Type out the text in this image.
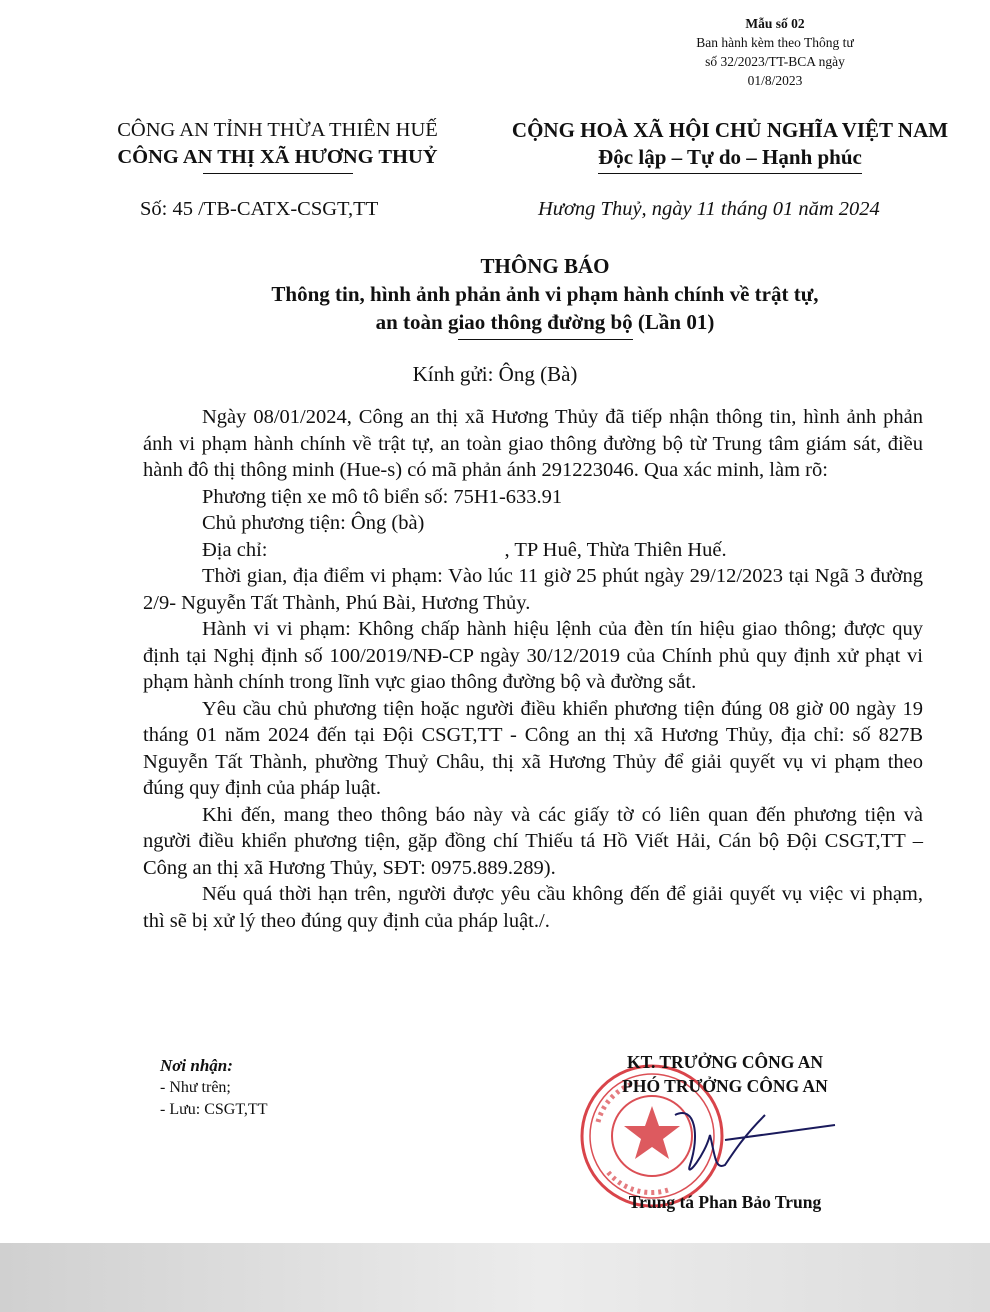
Mẫu số 02
Ban hành kèm theo Thông tư
số 32/2023/TT-BCA ngày
01/8/2023
CÔNG AN TỈNH THỪA THIÊN HUẾ
CÔNG AN THỊ XÃ HƯƠNG THUỶ
CỘNG HOÀ XÃ HỘI CHỦ NGHĨA VIỆT NAM
Độc lập – Tự do – Hạnh phúc
Số: 45 /TB-CATX-CSGT,TT	Hương Thuỷ, ngày 11 tháng 01 năm 2024
THÔNG BÁO
Thông tin, hình ảnh phản ảnh vi phạm hành chính về trật tự,
an toàn giao thông đường bộ (Lần 01)
Kính gửi: Ông (Bà)

Ngày 08/01/2024, Công an thị xã Hương Thủy đã tiếp nhận thông tin, hình ảnh phản ánh vi phạm hành chính về trật tự, an toàn giao thông đường bộ từ Trung tâm giám sát, điều hành đô thị thông minh (Hue-s) có mã phản ánh 291223046. Qua xác minh, làm rõ:

Phương tiện xe mô tô biển số: 75H1-633.91

Chủ phương tiện: Ông (bà)

Địa chỉ:	, TP Huê, Thừa Thiên Huế.

Thời gian, địa điểm vi phạm: Vào lúc 11 giờ 25 phút ngày 29/12/2023 tại Ngã 3 đường 2/9- Nguyễn Tất Thành, Phú Bài, Hương Thủy.

Hành vi vi phạm: Không chấp hành hiệu lệnh của đèn tín hiệu giao thông; được quy định tại Nghị định số 100/2019/NĐ-CP ngày 30/12/2019 của Chính phủ quy định xử phạt vi phạm hành chính trong lĩnh vực giao thông đường bộ và đường sắt.

Yêu cầu chủ phương tiện hoặc người điều khiển phương tiện đúng 08 giờ 00 ngày 19 tháng 01 năm 2024 đến tại Đội CSGT,TT - Công an thị xã Hương Thủy, địa chỉ: số 827B Nguyễn Tất Thành, phường Thuỷ Châu, thị xã Hương Thủy để giải quyết vụ vi phạm theo đúng quy định của pháp luật.

Khi đến, mang theo thông báo này và các giấy tờ có liên quan đến phương tiện và người điều khiển phương tiện, gặp đồng chí Thiếu tá Hồ Viết Hải, Cán bộ Đội CSGT,TT – Công an thị xã Hương Thủy, SĐT: 0975.889.289).

Nếu quá thời hạn trên, người được yêu cầu không đến để giải quyết vụ việc vi phạm, thì sẽ bị xử lý theo đúng quy định của pháp luật./.

Nơi nhận:
- Như trên;
- Lưu: CSGT,TT
KT. TRƯỞNG CÔNG AN
PHÓ TRƯỞNG CÔNG AN
Trung tá Phan Bảo Trung
